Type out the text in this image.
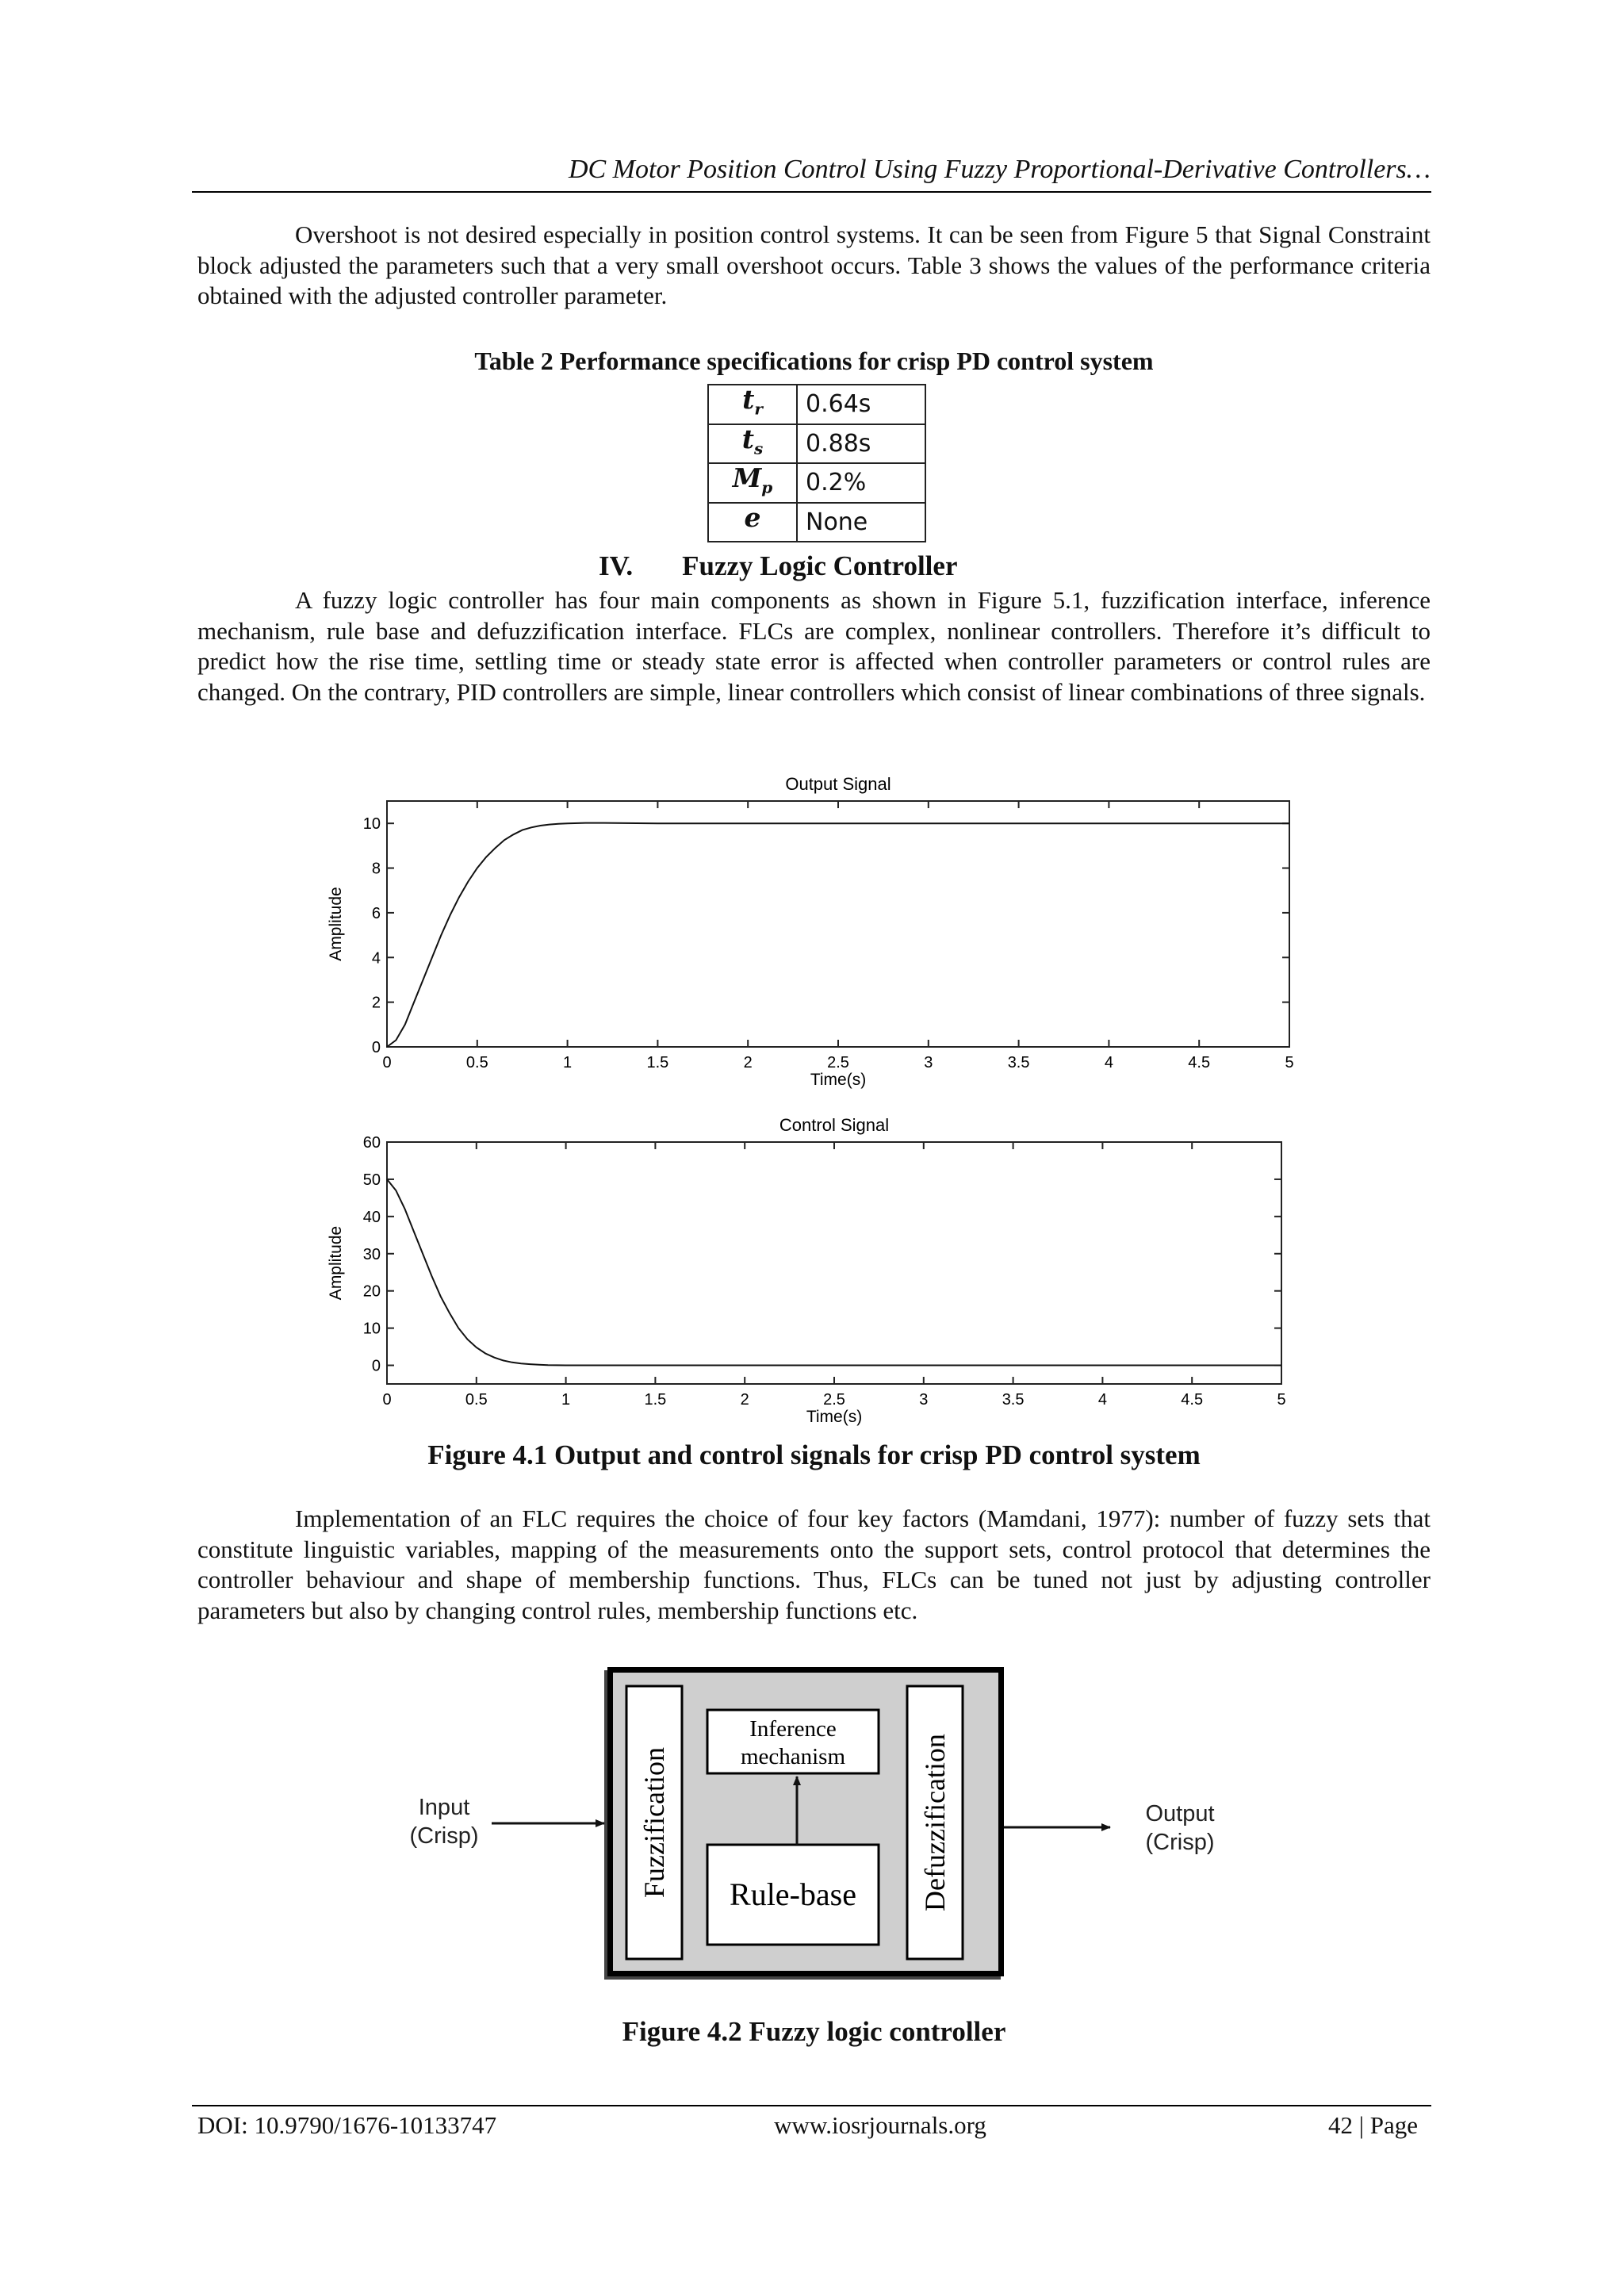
DC Motor Position Control Using Fuzzy Proportional-Derivative Controllers…

Overshoot is not desired especially in position control systems. It can be seen from Figure 5 that Signal Constraint block adjusted the parameters such that a very small overshoot occurs. Table 3 shows the values of the performance criteria obtained with the adjusted controller parameter.

Table 2 Performance specifications for crisp PD control system
$t_r$	0.64s
$t_s$	0.88s
$M_p$	0.2%
e	None
IV. Fuzzy Logic Controller

A fuzzy logic controller has four main components as shown in Figure 5.1, fuzzification interface, inference mechanism, rule base and defuzzification interface. FLCs are complex, nonlinear controllers. Therefore it’s difficult to predict how the rise time, settling time or steady state error is affected when controller parameters or control rules are changed. On the contrary, PID controllers are simple, linear controllers which consist of linear combinations of three signals.

Output Signal
0	0.5	1	1.5	2	2.5	3	3.5	4	4.5	5
0
2
4
6
8
10
Time(s)
Amplitude
Control Signal
0	0.5	1	1.5	2	2.5	3	3.5	4	4.5	5
0
10
20
30
40
50
60
Time(s)
Amplitude
Figure 4.1 Output and control signals for crisp PD control system

Implementation of an FLC requires the choice of four key factors (Mamdani, 1977): number of fuzzy sets that constitute linguistic variables, mapping of the measurements onto the support sets, control protocol that determines the controller behaviour and shape of membership functions. Thus, FLCs can be tuned not just by adjusting controller parameters but also by changing control rules, membership functions etc.

Fuzzification
Inference
mechanism
Rule-base Defuzzification
Input
(Crisp)
Output
(Crisp)
Figure 4.2 Fuzzy logic controller
DOI: 10.9790/1676-10133747	www.iosrjournals.org	42 | Page
